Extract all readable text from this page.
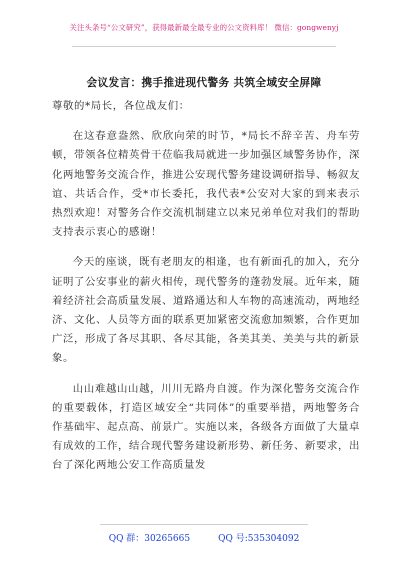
关注头条号“公文研究”，获得最新最全最专业的公文资料库！ 微信：gongwenyj
会议发言：携手推进现代警务 共筑全域安全屏障

尊敬的*局长，各位战友们：

在这春意盎然、欣欣向荣的时节，*局长不辞辛苦、舟车劳顿，带领各位精英骨干莅临我局就进一步加强区域警务协作，深化两地警务交流合作，推进公安现代警务建设调研指导、畅叙友谊、共话合作，受*市长委托，我代表*公安对大家的到来表示热烈欢迎！对警务合作交流机制建立以来兄弟单位对我们的帮助支持表示衷心的感谢！

今天的座谈，既有老朋友的相逢，也有新面孔的加入，充分证明了公安事业的薪火相传，现代警务的蓬勃发展。近年来，随着经济社会高质量发展、道路通达和人车物的高速流动，两地经济、文化、人员等方面的联系更加紧密交流愈加频繁，合作更加广泛，形成了各尽其职、各尽其能，各美其美、美美与共的新景象。

山山难越山山越，川川无路舟自渡。作为深化警务交流合作的重要载体，打造区域安全“共同体”的重要举措，两地警务合作基础牢、起点高、前景广。实施以来，各级各方面做了大量卓有成效的工作，结合现代警务建设新形势、新任务、新要求，出台了深化两地公安工作高质量发

QQ 群：30265665	QQ 号:535304092
